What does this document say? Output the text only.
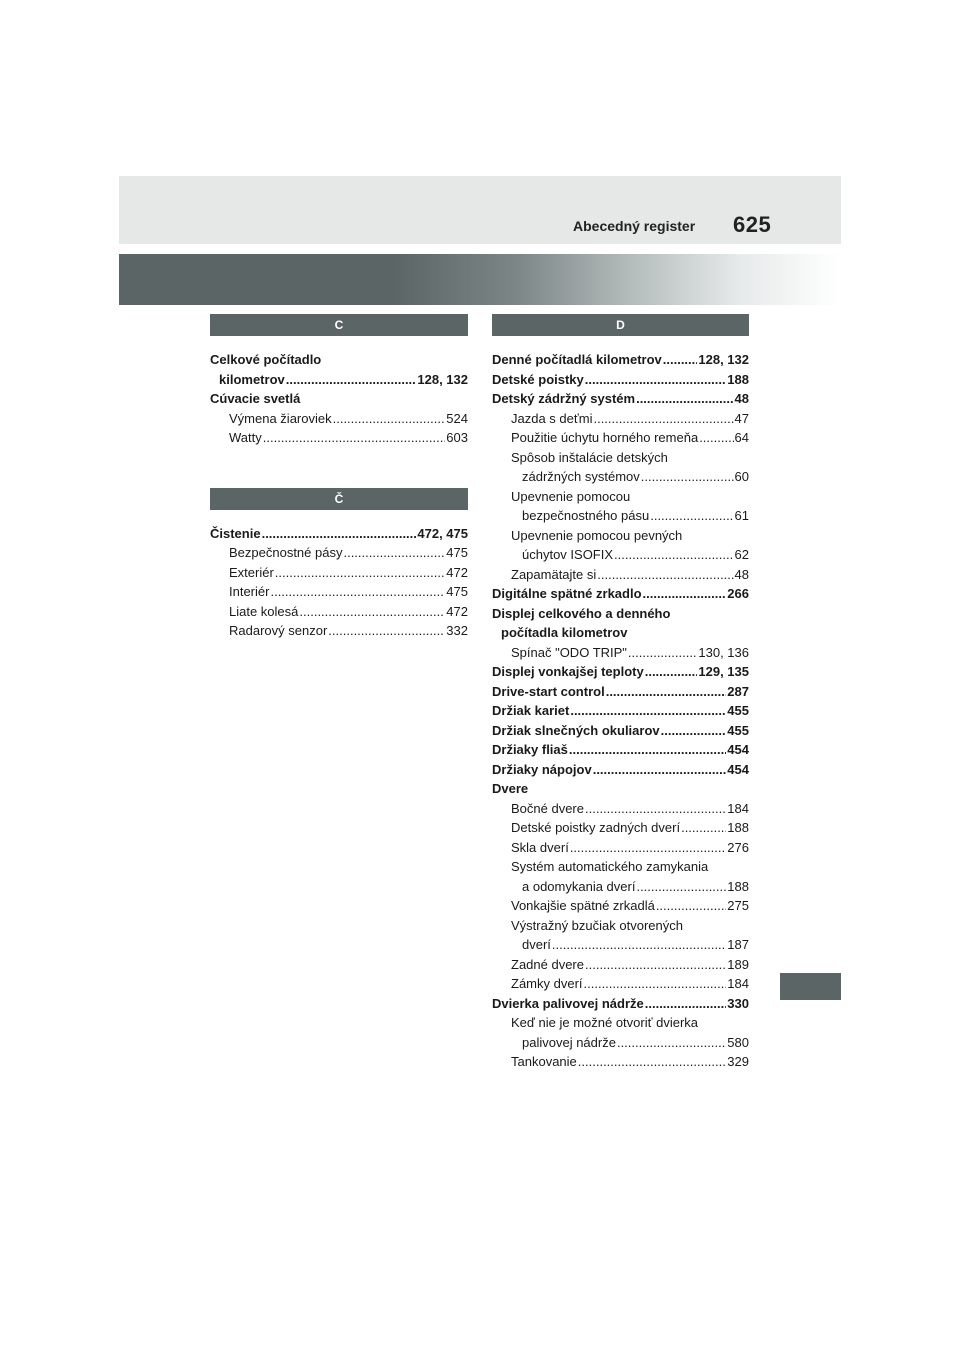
Abecedný register 625
C
Celkové počítadlo
kilometrov .....	128, 132
Cúvacie svetlá
Výmena žiaroviek .....	524
Watty .....	603
Č
Čistenie .....	472, 475
Bezpečnostné pásy .....	475
Exteriér .....	472
Interiér .....	475
Liate kolesá .....	472
Radarový senzor .....	332
D
Denné počítadlá kilometrov .....	128, 132
Detské poistky .....	188
Detský zádržný systém .....	48
Jazda s deťmi .....	47
Použitie úchytu horného remeňa .....	64
Spôsob inštalácie detských
zádržných systémov .....	60
Upevnenie pomocou
bezpečnostného pásu .....	61
Upevnenie pomocou pevných
úchytov ISOFIX .....	62
Zapamätajte si .....	48
Digitálne spätné zrkadlo .....	266
Displej celkového a denného
počítadla kilometrov
Spínač "ODO TRIP" .....	130, 136
Displej vonkajšej teploty .....	129, 135
Drive-start control .....	287
Držiak kariet .....	455
Držiak slnečných okuliarov .....	455
Držiaky fliaš .....	454
Držiaky nápojov .....	454
Dvere
Bočné dvere .....	184
Detské poistky zadných dverí .....	188
Skla dverí .....	276
Systém automatického zamykania
a odomykania dverí .....	188
Vonkajšie spätné zrkadlá .....	275
Výstražný bzučiak otvorených
dverí .....	187
Zadné dvere .....	189
Zámky dverí .....	184
Dvierka palivovej nádrže .....	330
Keď nie je možné otvoriť dvierka
palivovej nádrže .....	580
Tankovanie .....	329
